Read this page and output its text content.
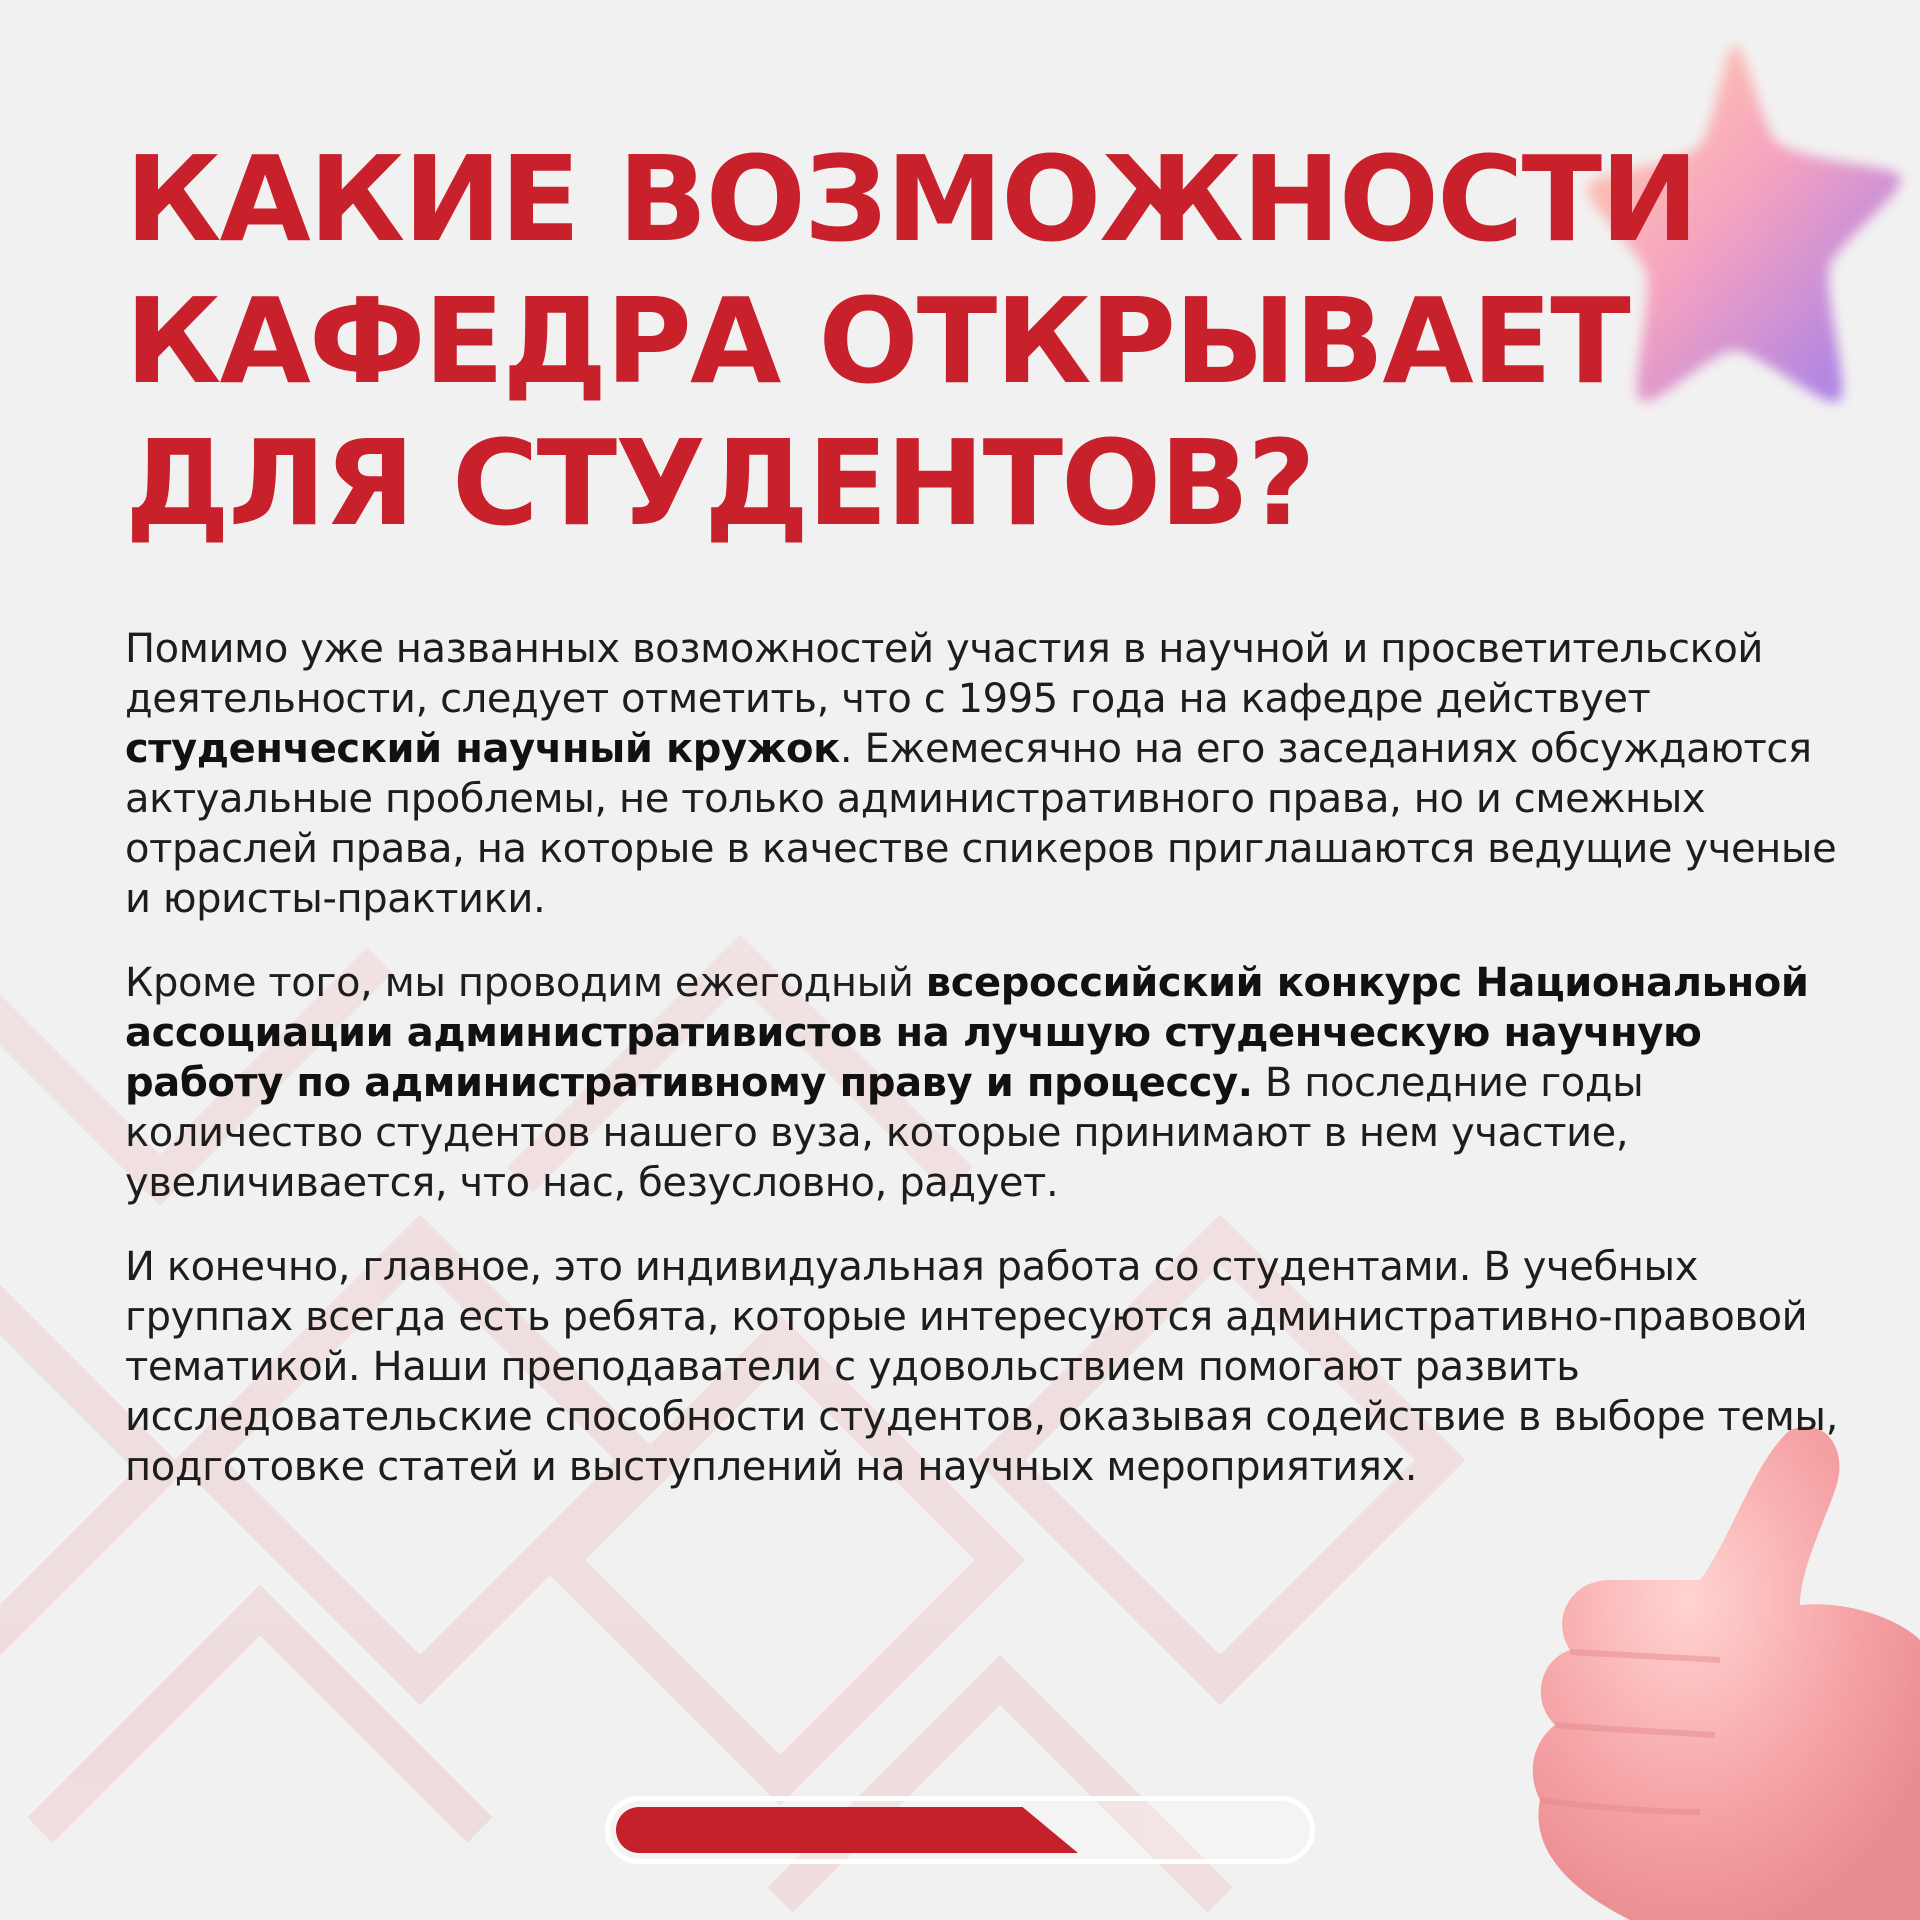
КАКИЕ ВОЗМОЖНОСТИ
КАФЕДРА ОТКРЫВАЕТ
ДЛЯ СТУДЕНТОВ?

Помимо уже названных возможностей участия в научной и просветительской деятельности, следует отметить, что с 1995 года на кафедре действует студенческий научный кружок. Ежемесячно на его заседаниях обсуждаются актуальные проблемы, не только административного права, но и смежных отраслей права, на которые в качестве спикеров приглашаются ведущие ученые и юристы-практики.

Кроме того, мы проводим ежегодный всероссийский конкурс Национальной ассоциации административистов на лучшую студенческую научную работу по административному праву и процессу. В последние годы количество студентов нашего вуза, которые принимают в нем участие, увеличивается, что нас, безусловно, радует.

И конечно, главное, это индивидуальная работа со студентами. В учебных группах всегда есть ребята, которые интересуются административно-правовой тематикой. Наши преподаватели с удовольствием помогают развить исследовательские способности студентов, оказывая содействие в выборе темы, подготовке статей и выступлений на научных мероприятиях.
